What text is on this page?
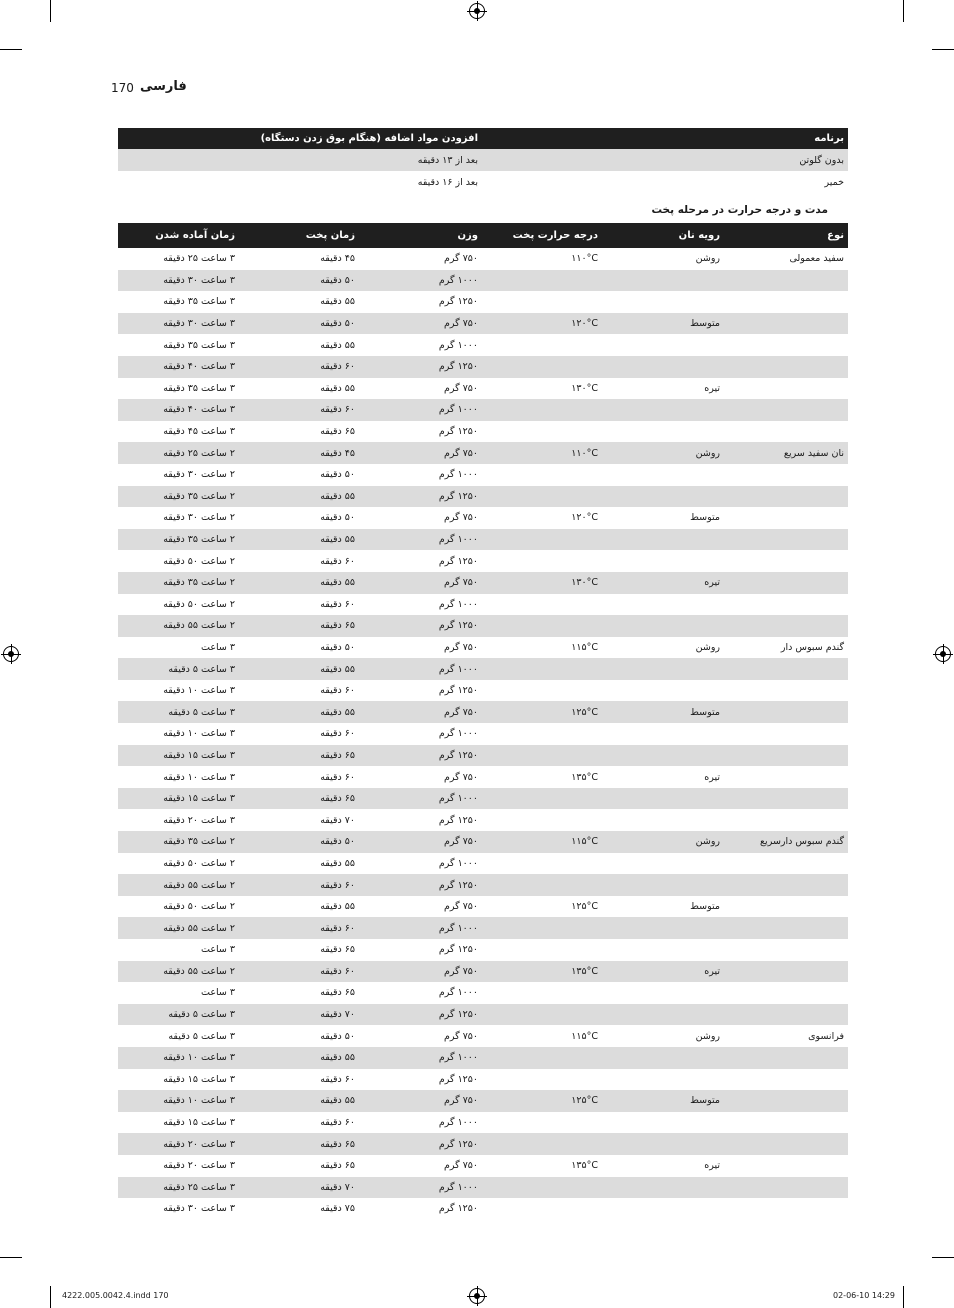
170 فارسی
برنامه
افزودن مواد اضافه (هنگام بوق زدن دستگاه)
بدون گلوتن
بعد از ۱۳ دقیقه
خمیر
بعد از ۱۶ دقیقه
مدت و درجه حرارت در مرحله پخت
نوع
رویه نان
درجه حرارت پخت
وزن
زمان پخت
زمان آماده شدن
سفید معمولی
روشن
۱۱۰°C
۷۵۰ گرم
۴۵ دقیقه
۳ ساعت ۲۵ دقیقه
۱۰۰۰ گرم
۵۰ دقیقه
۳ ساعت ۳۰ دقیقه
۱۲۵۰ گرم
۵۵ دقیقه
۳ ساعت ۳۵ دقیقه
متوسط
۱۲۰°C
۷۵۰ گرم
۵۰ دقیقه
۳ ساعت ۳۰ دقیقه
۱۰۰۰ گرم
۵۵ دقیقه
۳ ساعت ۳۵ دقیقه
۱۲۵۰ گرم
۶۰ دقیقه
۳ ساعت ۴۰ دقیقه
تیره
۱۳۰°C
۷۵۰ گرم
۵۵ دقیقه
۳ ساعت ۳۵ دقیقه
۱۰۰۰ گرم
۶۰ دقیقه
۳ ساعت ۴۰ دقیقه
۱۲۵۰ گرم
۶۵ دقیقه
۳ ساعت ۴۵ دقیقه
نان سفید سریع
روشن
۱۱۰°C
۷۵۰ گرم
۴۵ دقیقه
۲ ساعت ۲۵ دقیقه
۱۰۰۰ گرم
۵۰ دقیقه
۲ ساعت ۳۰ دقیقه
۱۲۵۰ گرم
۵۵ دقیقه
۲ ساعت ۳۵ دقیقه
متوسط
۱۲۰°C
۷۵۰ گرم
۵۰ دقیقه
۲ ساعت ۳۰ دقیقه
۱۰۰۰ گرم
۵۵ دقیقه
۲ ساعت ۳۵ دقیقه
۱۲۵۰ گرم
۶۰ دقیقه
۲ ساعت ۵۰ دقیقه
تیره
۱۳۰°C
۷۵۰ گرم
۵۵ دقیقه
۲ ساعت ۳۵ دقیقه
۱۰۰۰ گرم
۶۰ دقیقه
۲ ساعت ۵۰ دقیقه
۱۲۵۰ گرم
۶۵ دقیقه
۲ ساعت ۵۵ دقیقه
گندم سبوس دار
روشن
۱۱۵°C
۷۵۰ گرم
۵۰ دقیقه
۳ ساعت
۱۰۰۰ گرم
۵۵ دقیقه
۳ ساعت ۵ دقیقه
۱۲۵۰ گرم
۶۰ دقیقه
۳ ساعت ۱۰ دقیقه
متوسط
۱۲۵°C
۷۵۰ گرم
۵۵ دقیقه
۳ ساعت ۵ دقیقه
۱۰۰۰ گرم
۶۰ دقیقه
۳ ساعت ۱۰ دقیقه
۱۲۵۰ گرم
۶۵ دقیقه
۳ ساعت ۱۵ دقیقه
تیره
۱۳۵°C
۷۵۰ گرم
۶۰ دقیقه
۳ ساعت ۱۰ دقیقه
۱۰۰۰ گرم
۶۵ دقیقه
۳ ساعت ۱۵ دقیقه
۱۲۵۰ گرم
۷۰ دقیقه
۳ ساعت ۲۰ دقیقه
گندم سبوس دارسریع
روشن
۱۱۵°C
۷۵۰ گرم
۵۰ دقیقه
۲ ساعت ۳۵ دقیقه
۱۰۰۰ گرم
۵۵ دقیقه
۲ ساعت ۵۰ دقیقه
۱۲۵۰ گرم
۶۰ دقیقه
۲ ساعت ۵۵ دقیقه
متوسط
۱۲۵°C
۷۵۰ گرم
۵۵ دقیقه
۲ ساعت ۵۰ دقیقه
۱۰۰۰ گرم
۶۰ دقیقه
۲ ساعت ۵۵ دقیقه
۱۲۵۰ گرم
۶۵ دقیقه
۳ ساعت
تیره
۱۳۵°C
۷۵۰ گرم
۶۰ دقیقه
۲ ساعت ۵۵ دقیقه
۱۰۰۰ گرم
۶۵ دقیقه
۳ ساعت
۱۲۵۰ گرم
۷۰ دقیقه
۳ ساعت ۵ دقیقه
فرانسوی
روشن
۱۱۵°C
۷۵۰ گرم
۵۰ دقیقه
۳ ساعت ۵ دقیقه
۱۰۰۰ گرم
۵۵ دقیقه
۳ ساعت ۱۰ دقیقه
۱۲۵۰ گرم
۶۰ دقیقه
۳ ساعت ۱۵ دقیقه
متوسط
۱۲۵°C
۷۵۰ گرم
۵۵ دقیقه
۳ ساعت ۱۰ دقیقه
۱۰۰۰ گرم
۶۰ دقیقه
۳ ساعت ۱۵ دقیقه
۱۲۵۰ گرم
۶۵ دقیقه
۳ ساعت ۲۰ دقیقه
تیره
۱۳۵°C
۷۵۰ گرم
۶۵ دقیقه
۳ ساعت ۲۰ دقیقه
۱۰۰۰ گرم
۷۰ دقیقه
۳ ساعت ۲۵ دقیقه
۱۲۵۰ گرم
۷۵ دقیقه
۳ ساعت ۳۰ دقیقه
4222.005.0042.4.indd 170	02-06-10 14:29
